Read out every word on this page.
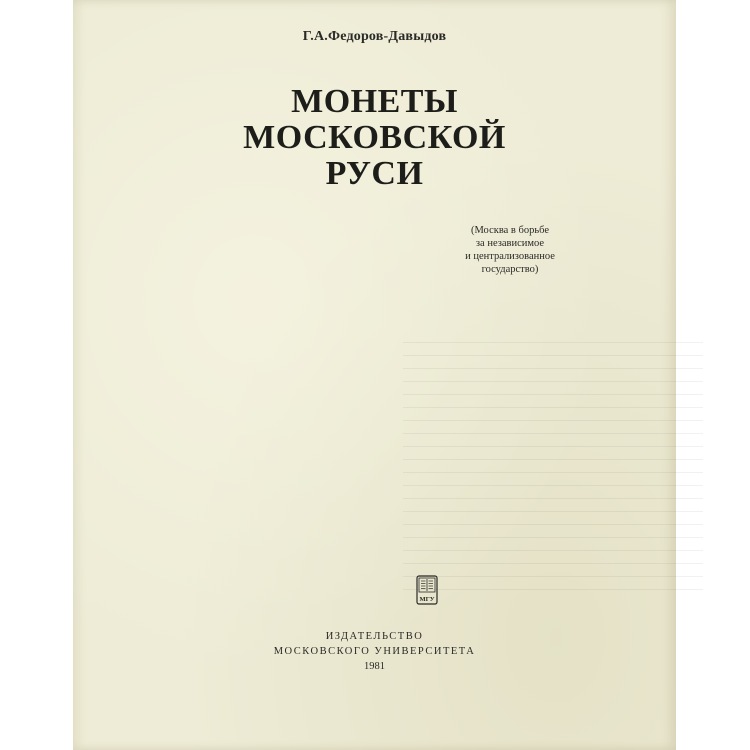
Г.А.Федоров-Давыдов
МОНЕТЫ
МОСКОВСКОЙ
РУСИ
(Москва в борьбе
за независимое
и централизованное
государство)
МГУ
ИЗДАТЕЛЬСТВО
МОСКОВСКОГО УНИВЕРСИТЕТА
1981
